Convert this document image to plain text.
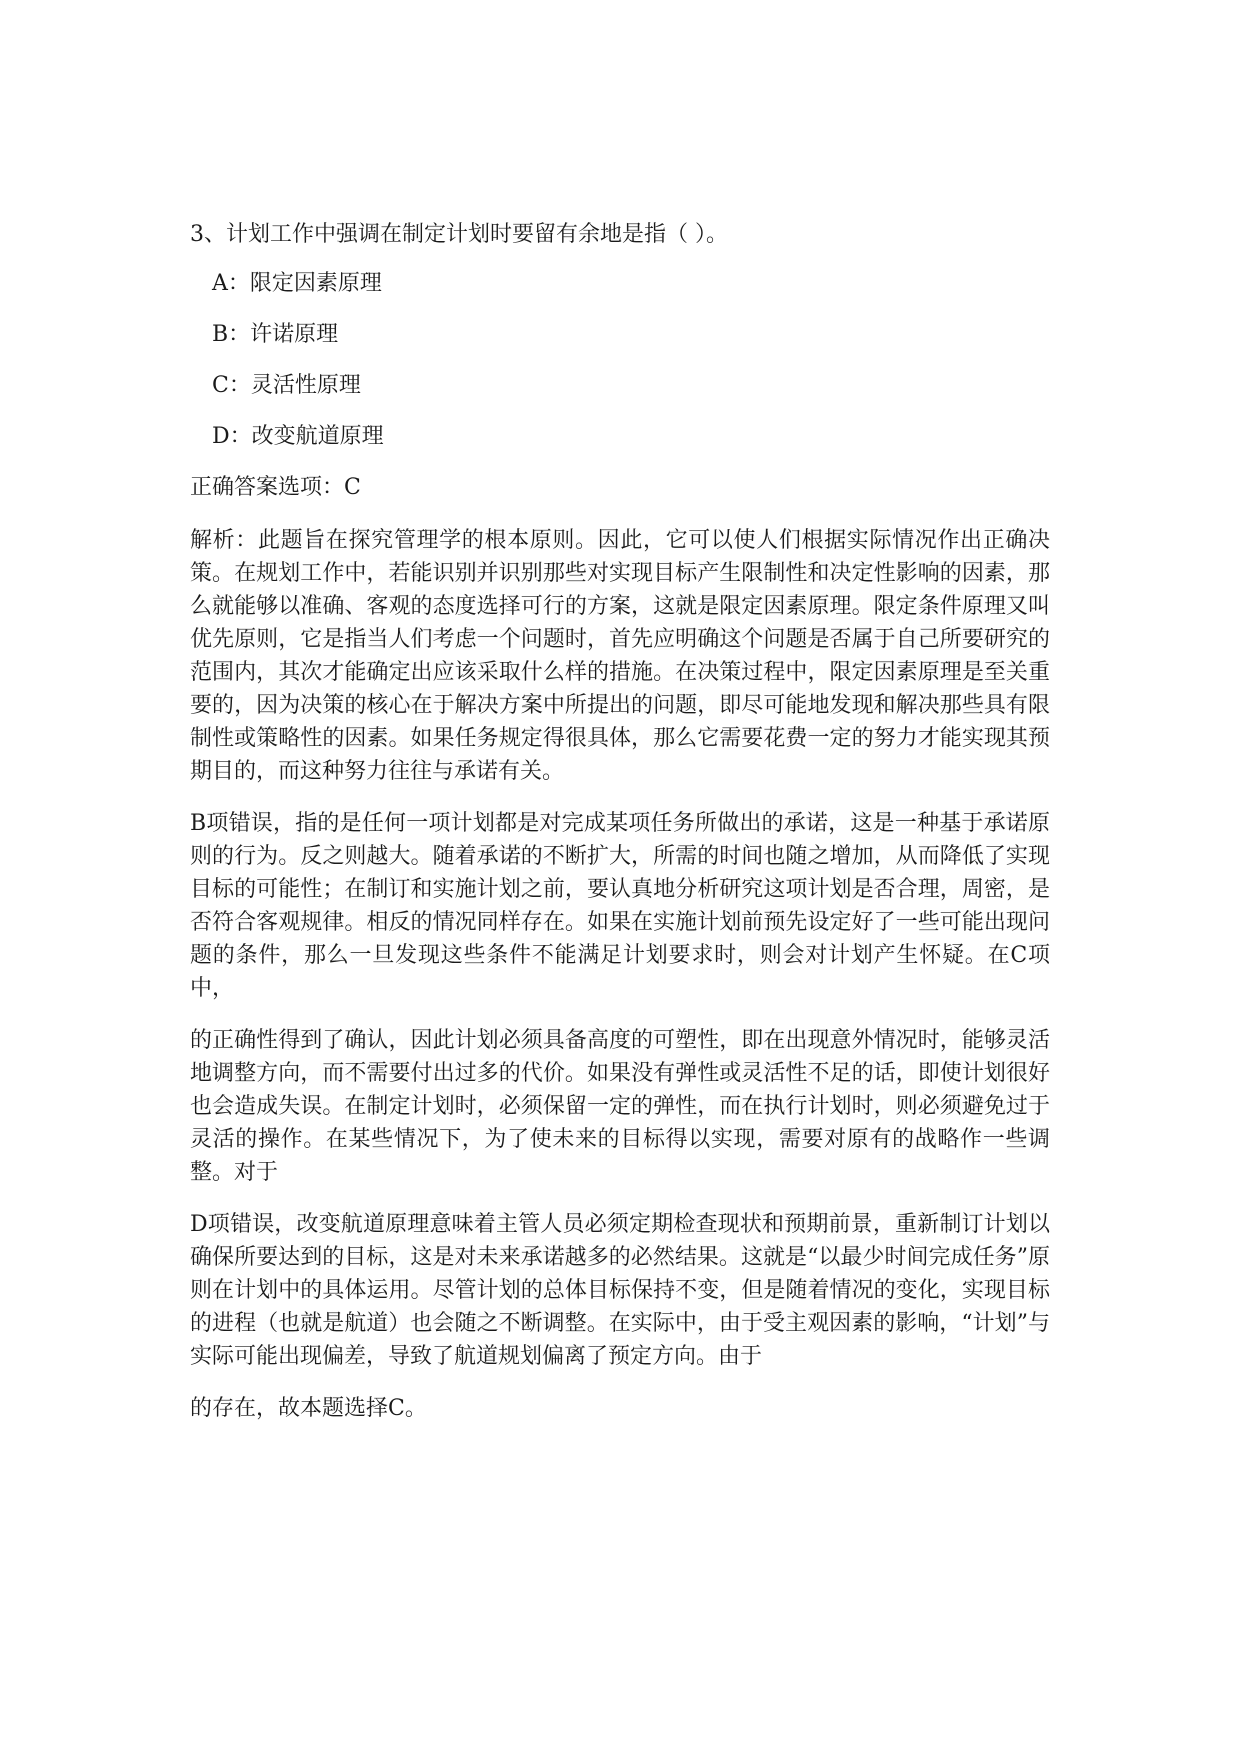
3、计划工作中强调在制定计划时要留有余地是指（ ）。
A：限定因素原理
B：许诺原理
C：灵活性原理
D：改变航道原理
正确答案选项：C
解析：此题旨在探究管理学的根本原则。因此，它可以使人们根据实际情况作出正确决策。在规划工作中，若能识别并识别那些对实现目标产生限制性和决定性影响的因素，那么就能够以准确、客观的态度选择可行的方案，这就是限定因素原理。限定条件原理又叫优先原则，它是指当人们考虑一个问题时，首先应明确这个问题是否属于自己所要研究的范围内，其次才能确定出应该采取什么样的措施。在决策过程中，限定因素原理是至关重要的，因为决策的核心在于解决方案中所提出的问题，即尽可能地发现和解决那些具有限制性或策略性的因素。如果任务规定得很具体，那么它需要花费一定的努力才能实现其预期目的，而这种努力往往与承诺有关。
B项错误，指的是任何一项计划都是对完成某项任务所做出的承诺，这是一种基于承诺原则的行为。反之则越大。随着承诺的不断扩大，所需的时间也随之增加，从而降低了实现目标的可能性；在制订和实施计划之前，要认真地分析研究这项计划是否合理，周密，是否符合客观规律。相反的情况同样存在。如果在实施计划前预先设定好了一些可能出现问题的条件，那么一旦发现这些条件不能满足计划要求时，则会对计划产生怀疑。在C项中，
的正确性得到了确认，因此计划必须具备高度的可塑性，即在出现意外情况时，能够灵活地调整方向，而不需要付出过多的代价。如果没有弹性或灵活性不足的话，即使计划很好也会造成失误。在制定计划时，必须保留一定的弹性，而在执行计划时，则必须避免过于灵活的操作。在某些情况下，为了使未来的目标得以实现，需要对原有的战略作一些调整。对于
D项错误，改变航道原理意味着主管人员必须定期检查现状和预期前景，重新制订计划以确保所要达到的目标，这是对未来承诺越多的必然结果。这就是“以最少时间完成任务”原则在计划中的具体运用。尽管计划的总体目标保持不变，但是随着情况的变化，实现目标的进程（也就是航道）也会随之不断调整。在实际中，由于受主观因素的影响，“计划”与实际可能出现偏差，导致了航道规划偏离了预定方向。由于
的存在，故本题选择C。
